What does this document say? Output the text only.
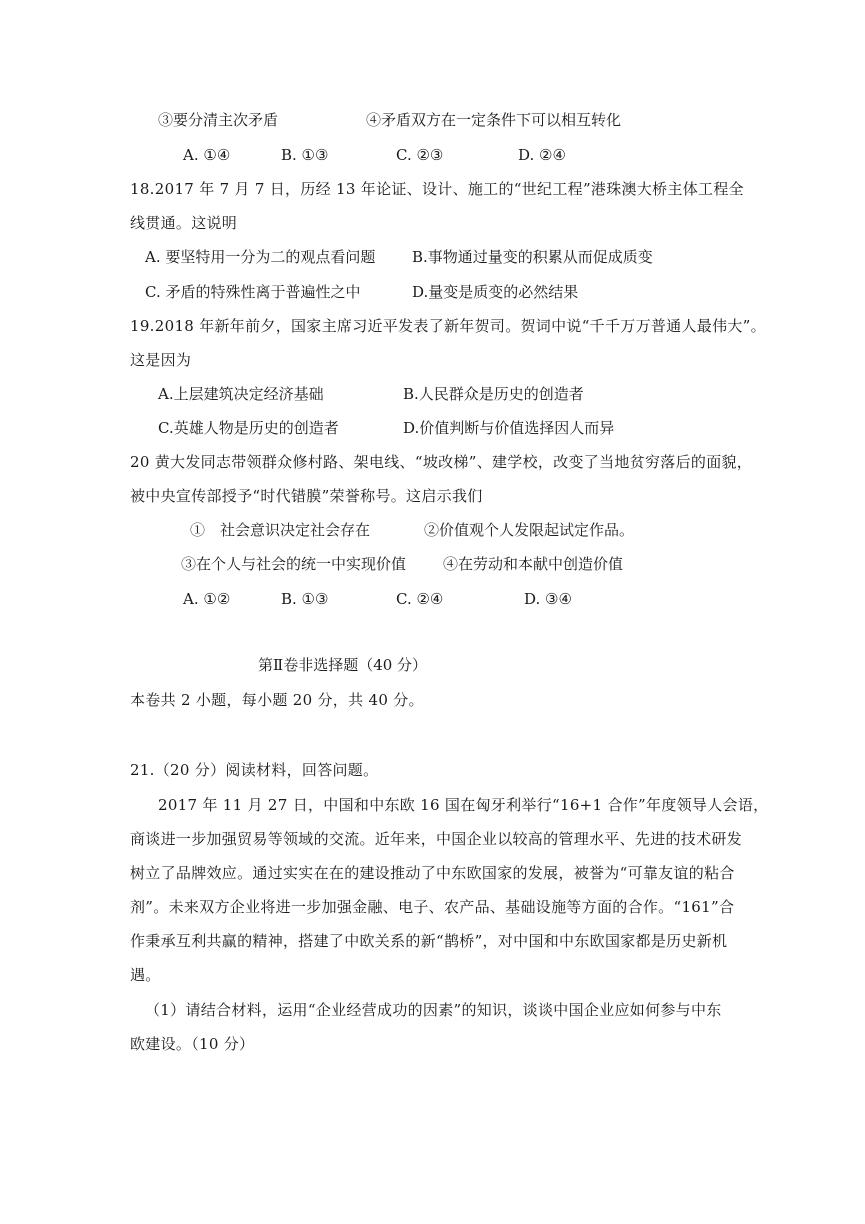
③要分清主次矛盾	④矛盾双方在一定条件下可以相互转化
A. ①④	B. ①③	C. ②③	D. ②④
18.2017 年 7 月 7 日，历经 13 年论证、设计、施工的“世纪工程”港珠澳大桥主体工程全
线贯通。这说明
A. 要坚特用一分为二的观点看问题 B.事物通过量变的积累从而促成质变
C. 矛盾的特殊性离于普遍性之中	D.量变是质变的必然结果
19.2018 年新年前夕，国家主席习近平发表了新年贺司。贺词中说“千千万万普通人最伟大”。
这是因为
A.上层建筑决定经济基础	B.人民群众是历史的创造者
C.英雄人物是历史的创造者	D.价值判断与价值选择因人而异
20 黄大发同志带领群众修村路、架电线、“坡改梯”、建学校，改变了当地贫穷落后的面貌，
被中央宣传部授予“时代错膜”荣誉称号。这启示我们
①　社会意识决定社会存在	②价值观个人发限起试定作品。
③在个人与社会的统一中实现价值 ④在劳动和本献中创造价值
A. ①②	B. ①③	C. ②④	D. ③④
第Ⅱ卷非选择题（40 分）
本卷共 2 小题，每小题 20 分，共 40 分。
21.（20 分）阅读材料，回答问题。
2017 年 11 月 27 日，中国和中东欧 16 国在匈牙利举行“16+1 合作”年度领导人会语，
商谈进一步加强贸易等领域的交流。近年来，中国企业以较高的管理水平、先进的技术研发
树立了品牌效应。通过实实在在的建设推动了中东欧国家的发展，被誉为“可靠友谊的粘合
剂”。未来双方企业将进一步加强金融、电子、农产品、基础设施等方面的合作。“161”合
作秉承互利共赢的精神，搭建了中欧关系的新“鹊桥”，对中国和中东欧国家都是历史新机
遇。
（1）请结合材料，运用“企业经营成功的因素”的知识，谈谈中国企业应如何参与中东
欧建设。（10 分）
